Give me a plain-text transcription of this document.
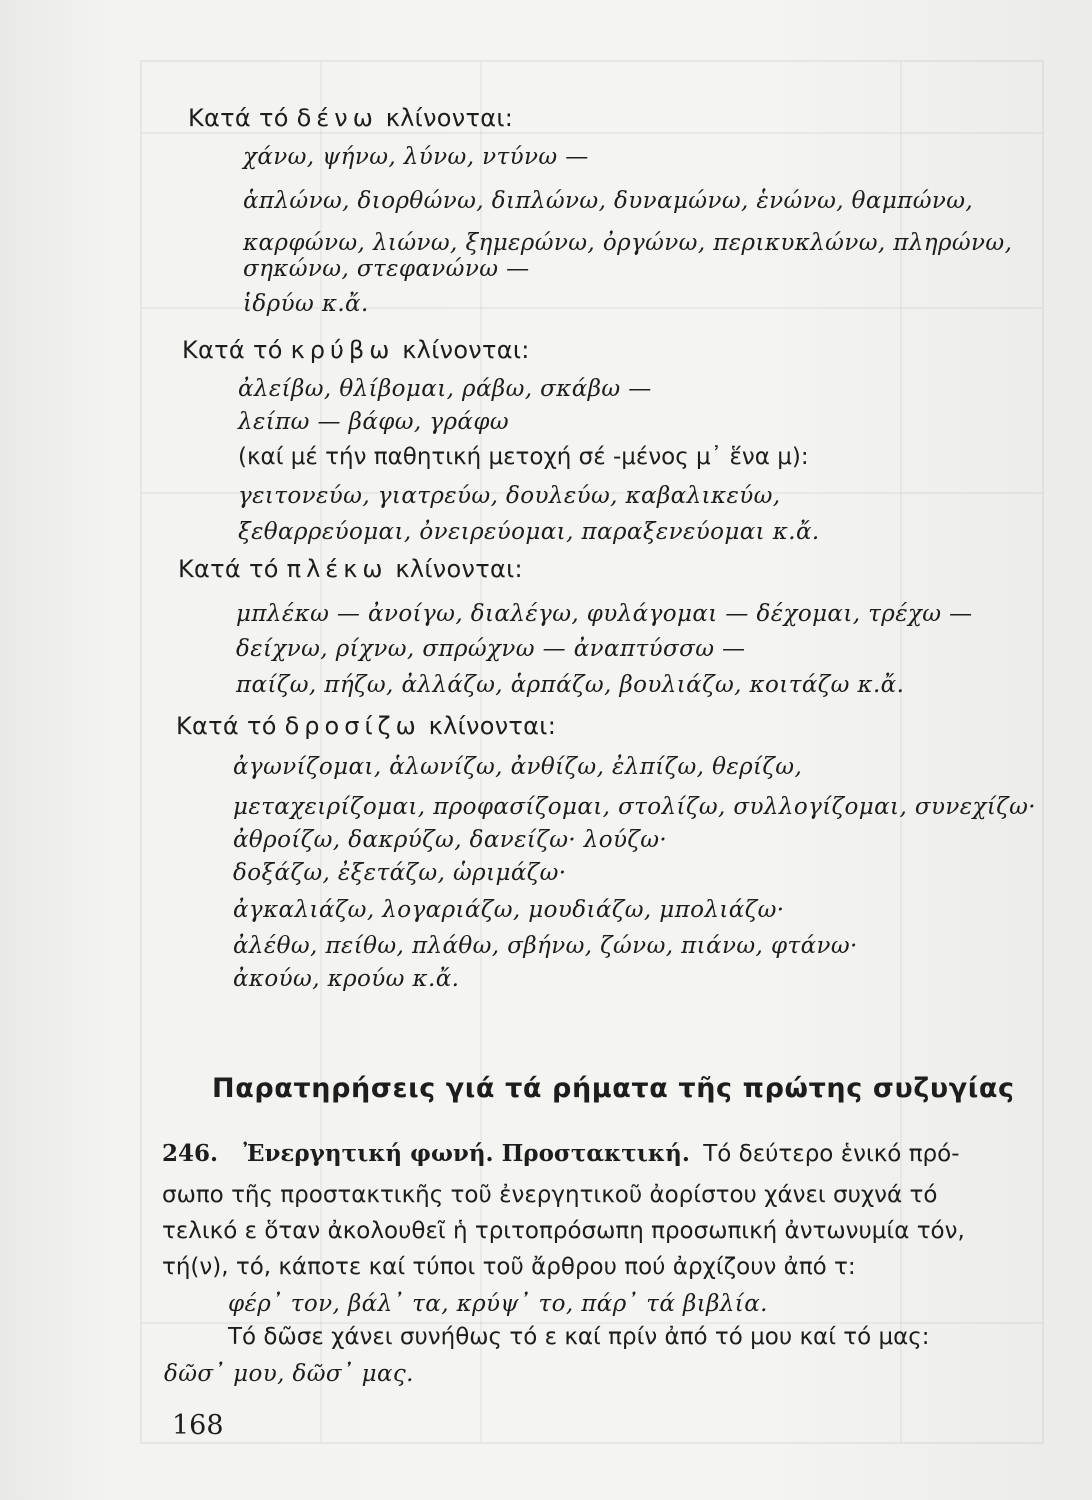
Κατά τό δένω κλίνονται:
χάνω, ψήνω, λύνω, ντύνω —
ἁπλώνω, διορθώνω, διπλώνω, δυναμώνω, ἑνώνω, θαμπώνω,
καρφώνω, λιώνω, ξημερώνω, ὀργώνω, περικυκλώνω, πληρώνω,
σηκώνω, στεφανώνω —
ἱδρύω κ.ἄ.
Κατά τό κρύβω κλίνονται:
ἀλείβω, θλίβομαι, ράβω, σκάβω —
λείπω — βάφω, γράφω
(καί μέ τήν παθητική μετοχή σέ -μένος μ᾿ ἕνα μ):
γειτονεύω, γιατρεύω, δουλεύω, καβαλικεύω,
ξεθαρρεύομαι, ὀνειρεύομαι, παραξενεύομαι κ.ἄ.
Κατά τό πλέκω κλίνονται:
μπλέκω — ἀνοίγω, διαλέγω, φυλάγομαι — δέχομαι, τρέχω —
δείχνω, ρίχνω, σπρώχνω — ἀναπτύσσω —
παίζω, πήζω, ἀλλάζω, ἁρπάζω, βουλιάζω, κοιτάζω κ.ἄ.
Κατά τό δροσίζω κλίνονται:
ἀγωνίζομαι, ἁλωνίζω, ἀνθίζω, ἐλπίζω, θερίζω,
μεταχειρίζομαι, προφασίζομαι, στολίζω, συλλογίζομαι, συνεχίζω·
ἀθροίζω, δακρύζω, δανείζω· λούζω·
δοξάζω, ἐξετάζω, ὡριμάζω·
ἀγκαλιάζω, λογαριάζω, μουδιάζω, μπολιάζω·
ἀλέθω, πείθω, πλάθω, σβήνω, ζώνω, πιάνω, φτάνω·
ἀκούω, κρούω κ.ἄ.
Παρατηρήσεις γιά τά ρήματα τῆς πρώτης συζυγίας
246. Ἐνεργητική φωνή. Προστακτική. Τό δεύτερο ἑνικό πρό-
σωπο τῆς προστακτικῆς τοῦ ἐνεργητικοῦ ἀορίστου χάνει συχνά τό
τελικό ε ὅταν ἀκολουθεῖ ἡ τριτοπρόσωπη προσωπική ἀντωνυμία τόν,
τή(ν), τό, κάποτε καί τύποι τοῦ ἄρθρου πού ἀρχίζουν ἀπό τ:
φέρ᾿ τον, βάλ᾿ τα, κρύψ᾿ το, πάρ᾿ τά βιβλία.
Τό δῶσε χάνει συνήθως τό ε καί πρίν ἀπό τό μου καί τό μας:
δῶσ᾿ μου, δῶσ᾿ μας.
168
